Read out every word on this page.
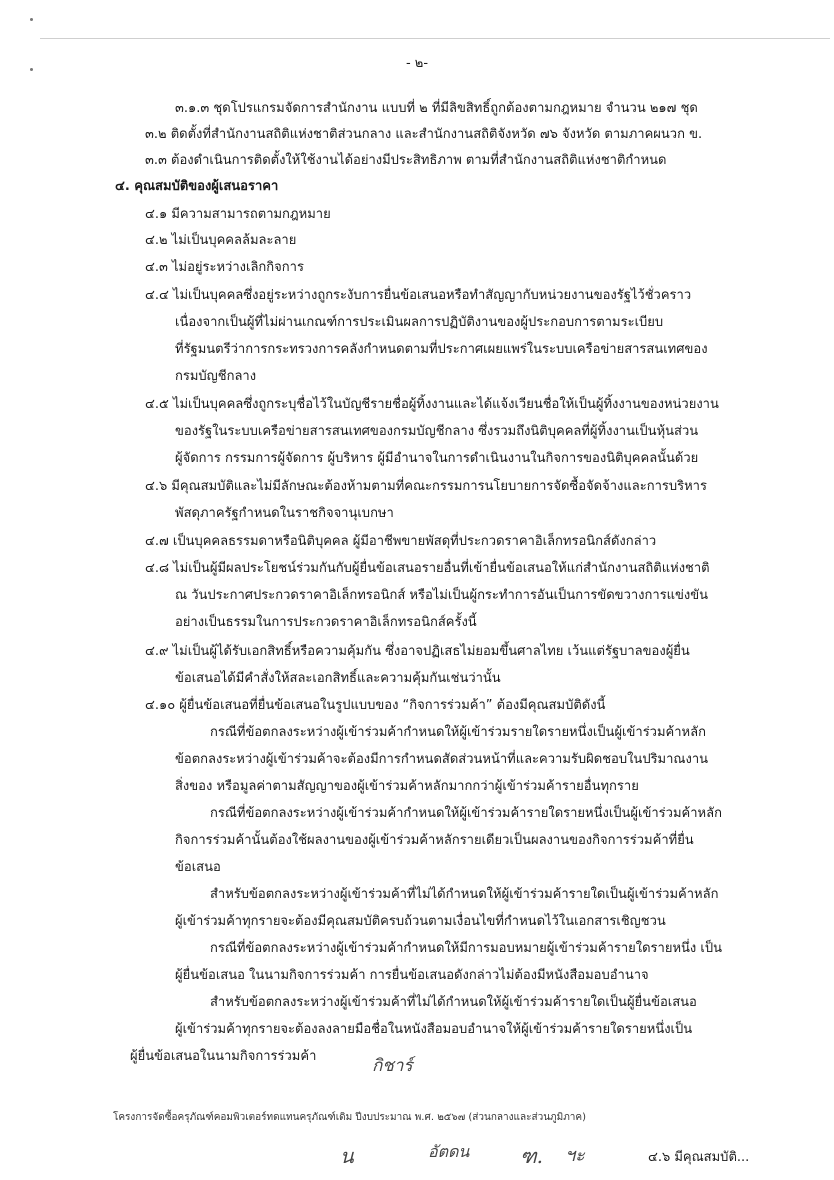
- ๒-
๓.๑.๓ ชุดโปรแกรมจัดการสำนักงาน แบบที่ ๒ ที่มีลิขสิทธิ์ถูกต้องตามกฎหมาย จำนวน ๒๑๗ ชุด
๓.๒ ติดตั้งที่สำนักงานสถิติแห่งชาติส่วนกลาง และสำนักงานสถิติจังหวัด ๗๖ จังหวัด ตามภาคผนวก ข.
๓.๓ ต้องดำเนินการติดตั้งให้ใช้งานได้อย่างมีประสิทธิภาพ ตามที่สำนักงานสถิติแห่งชาติกำหนด
๔. คุณสมบัติของผู้เสนอราคา
๔.๑ มีความสามารถตามกฎหมาย
๔.๒ ไม่เป็นบุคคลล้มละลาย
๔.๓ ไม่อยู่ระหว่างเลิกกิจการ
๔.๔ ไม่เป็นบุคคลซึ่งอยู่ระหว่างถูกระงับการยื่นข้อเสนอหรือทำสัญญากับหน่วยงานของรัฐไว้ชั่วคราว
เนื่องจากเป็นผู้ที่ไม่ผ่านเกณฑ์การประเมินผลการปฏิบัติงานของผู้ประกอบการตามระเบียบ
ที่รัฐมนตรีว่าการกระทรวงการคลังกำหนดตามที่ประกาศเผยแพร่ในระบบเครือข่ายสารสนเทศของ
กรมบัญชีกลาง
๔.๕ ไม่เป็นบุคคลซึ่งถูกระบุชื่อไว้ในบัญชีรายชื่อผู้ทิ้งงานและได้แจ้งเวียนชื่อให้เป็นผู้ทิ้งงานของหน่วยงาน
ของรัฐในระบบเครือข่ายสารสนเทศของกรมบัญชีกลาง ซึ่งรวมถึงนิติบุคคลที่ผู้ทิ้งงานเป็นหุ้นส่วน
ผู้จัดการ กรรมการผู้จัดการ ผู้บริหาร ผู้มีอำนาจในการดำเนินงานในกิจการของนิติบุคคลนั้นด้วย
๔.๖ มีคุณสมบัติและไม่มีลักษณะต้องห้ามตามที่คณะกรรมการนโยบายการจัดซื้อจัดจ้างและการบริหาร
พัสดุภาครัฐกำหนดในราชกิจจานุเบกษา
๔.๗ เป็นบุคคลธรรมดาหรือนิติบุคคล ผู้มีอาชีพขายพัสดุที่ประกวดราคาอิเล็กทรอนิกส์ดังกล่าว
๔.๘ ไม่เป็นผู้มีผลประโยชน์ร่วมกันกับผู้ยื่นข้อเสนอรายอื่นที่เข้ายื่นข้อเสนอให้แก่สำนักงานสถิติแห่งชาติ
ณ วันประกาศประกวดราคาอิเล็กทรอนิกส์ หรือไม่เป็นผู้กระทำการอันเป็นการขัดขวางการแข่งขัน
อย่างเป็นธรรมในการประกวดราคาอิเล็กทรอนิกส์ครั้งนี้
๔.๙ ไม่เป็นผู้ได้รับเอกสิทธิ์หรือความคุ้มกัน ซึ่งอาจปฏิเสธไม่ยอมขึ้นศาลไทย เว้นแต่รัฐบาลของผู้ยื่น
ข้อเสนอได้มีคำสั่งให้สละเอกสิทธิ์และความคุ้มกันเช่นว่านั้น
๔.๑๐ ผู้ยื่นข้อเสนอที่ยื่นข้อเสนอในรูปแบบของ “กิจการร่วมค้า” ต้องมีคุณสมบัติดังนี้
กรณีที่ข้อตกลงระหว่างผู้เข้าร่วมค้ากำหนดให้ผู้เข้าร่วมรายใดรายหนึ่งเป็นผู้เข้าร่วมค้าหลัก
ข้อตกลงระหว่างผู้เข้าร่วมค้าจะต้องมีการกำหนดสัดส่วนหน้าที่และความรับผิดชอบในปริมาณงาน
สิ่งของ หรือมูลค่าตามสัญญาของผู้เข้าร่วมค้าหลักมากกว่าผู้เข้าร่วมค้ารายอื่นทุกราย
กรณีที่ข้อตกลงระหว่างผู้เข้าร่วมค้ากำหนดให้ผู้เข้าร่วมค้ารายใดรายหนึ่งเป็นผู้เข้าร่วมค้าหลัก
กิจการร่วมค้านั้นต้องใช้ผลงานของผู้เข้าร่วมค้าหลักรายเดียวเป็นผลงานของกิจการร่วมค้าที่ยื่น
ข้อเสนอ
สำหรับข้อตกลงระหว่างผู้เข้าร่วมค้าที่ไม่ได้กำหนดให้ผู้เข้าร่วมค้ารายใดเป็นผู้เข้าร่วมค้าหลัก
ผู้เข้าร่วมค้าทุกรายจะต้องมีคุณสมบัติครบถ้วนตามเงื่อนไขที่กำหนดไว้ในเอกสารเชิญชวน
กรณีที่ข้อตกลงระหว่างผู้เข้าร่วมค้ากำหนดให้มีการมอบหมายผู้เข้าร่วมค้ารายใดรายหนึ่ง เป็น
ผู้ยื่นข้อเสนอ ในนามกิจการร่วมค้า การยื่นข้อเสนอดังกล่าวไม่ต้องมีหนังสือมอบอำนาจ
สำหรับข้อตกลงระหว่างผู้เข้าร่วมค้าที่ไม่ได้กำหนดให้ผู้เข้าร่วมค้ารายใดเป็นผู้ยื่นข้อเสนอ
ผู้เข้าร่วมค้าทุกรายจะต้องลงลายมือชื่อในหนังสือมอบอำนาจให้ผู้เข้าร่วมค้ารายใดรายหนึ่งเป็น
ผู้ยื่นข้อเสนอในนามกิจการร่วมค้า	กิชาร์
โครงการจัดซื้อครุภัณฑ์คอมพิวเตอร์ทดแทนครุภัณฑ์เดิม ปีงบประมาณ พ.ศ. ๒๕๖๗ (ส่วนกลางและส่วนภูมิภาค)
น	อัตดน	ฑ. ฯะ	๔.๖ มีคุณสมบัติ...
